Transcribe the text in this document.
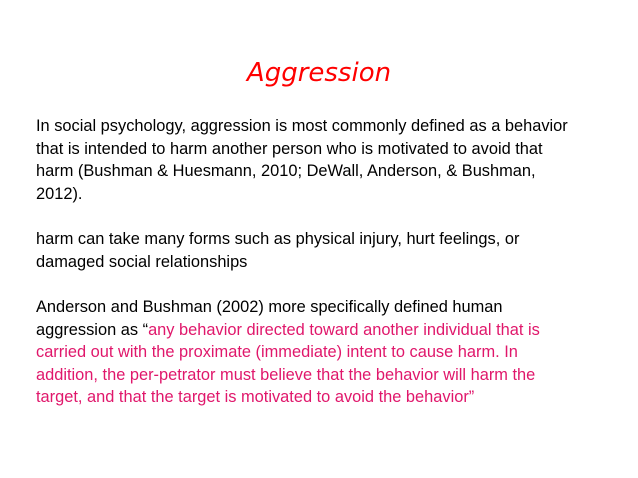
Aggression
In social psychology, aggression is most commonly defined as a behavior
that is intended to harm another person who is motivated to avoid that
harm (Bushman & Huesmann, 2010; DeWall, Anderson, & Bushman,
2012).
harm can take many forms such as physical injury, hurt feelings, or
damaged social relationships
Anderson and Bushman (2002) more specifically defined human
aggression as “any behavior directed toward another individual that is
carried out with the proximate (immediate) intent to cause harm. In
addition, the per-petrator must believe that the behavior will harm the
target, and that the target is motivated to avoid the behavior”
